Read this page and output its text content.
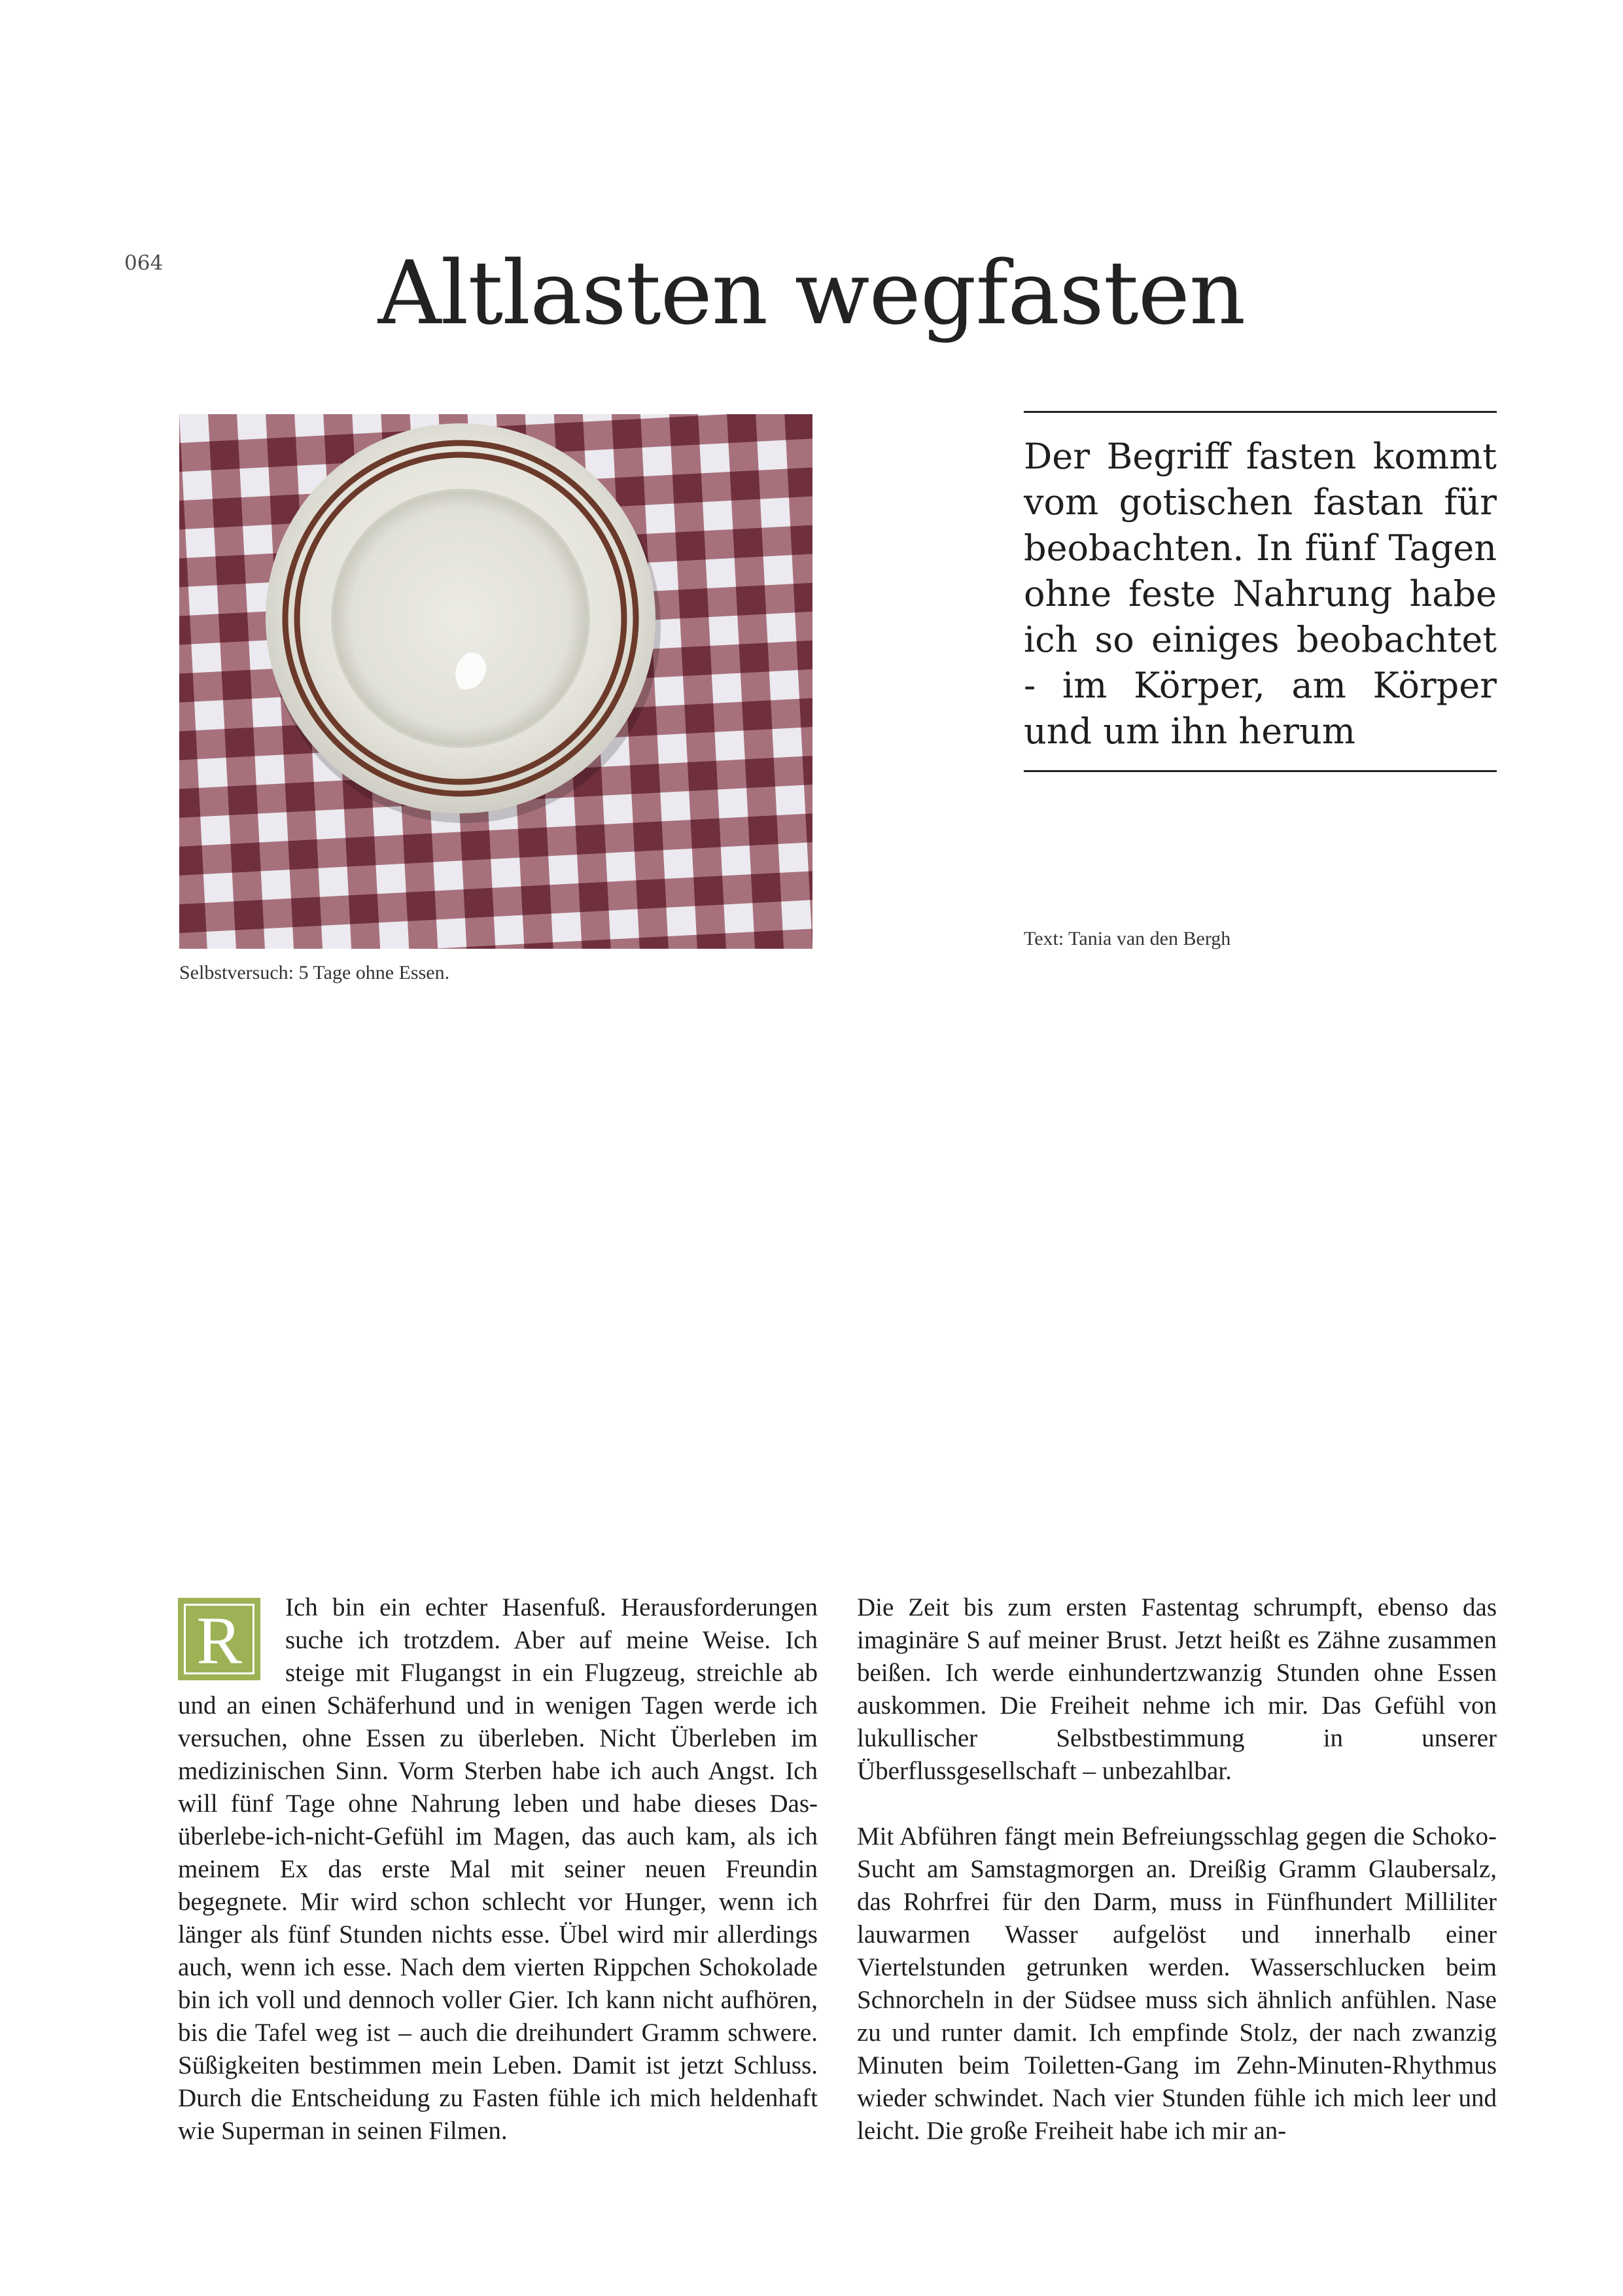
064	Altlasten wegfasten
Selbstversuch: 5 Tage ohne Essen.

Der Begriff fasten kommt vom gotischen fastan für beobachten. In fünf Tagen ohne feste Nahrung habe ich so einiges beobachtet - im Körper, am Körper und um ihn herum

Text: Tania van den Bergh
R	Ich bin ein echter Hasenfuß. Herausforderungen suche ich trotzdem. Aber auf meine Weise. Ich steige mit Flugangst in ein Flugzeug, streichle ab und an einen Schäferhund und in wenigen Tagen werde ich versuchen, ohne Essen zu überleben. Nicht Überleben im medizinischen Sinn. Vorm Sterben habe ich auch Angst. Ich will fünf Tage ohne Nahrung leben und habe dieses Das-überlebe-ich-nicht-Gefühl im Magen, das auch kam, als ich meinem Ex das erste Mal mit seiner neuen Freundin begegnete. Mir wird schon schlecht vor Hunger, wenn ich länger als fünf Stunden nichts esse. Übel wird mir allerdings auch, wenn ich esse. Nach dem vierten Rippchen Schokolade bin ich voll und dennoch voller Gier. Ich kann nicht aufhören, bis die Tafel weg ist – auch die dreihundert Gramm schwere. Süßigkeiten bestimmen mein Leben. Damit ist jetzt Schluss. Durch die Entscheidung zu Fasten fühle ich mich heldenhaft wie Superman in seinen Filmen.

Die Zeit bis zum ersten Fastentag schrumpft, ebenso das imaginäre S auf meiner Brust. Jetzt heißt es Zähne zusammen beißen. Ich werde einhundertzwanzig Stunden ohne Essen auskommen. Die Freiheit nehme ich mir. Das Gefühl von lukullischer Selbstbestimmung in unserer Überflussgesellschaft – unbezahlbar.

Mit Abführen fängt mein Befreiungsschlag gegen die Schoko-Sucht am Samstagmorgen an. Dreißig Gramm Glaubersalz, das Rohrfrei für den Darm, muss in Fünfhundert Milliliter lauwarmen Wasser aufgelöst und innerhalb einer Viertelstunden getrunken werden. Wasserschlucken beim Schnorcheln in der Südsee muss sich ähnlich anfühlen. Nase zu und runter damit. Ich empfinde Stolz, der nach zwanzig Minuten beim Toiletten-Gang im Zehn-Minuten-Rhythmus wieder schwindet. Nach vier Stunden fühle ich mich leer und leicht. Die große Freiheit habe ich mir an-
